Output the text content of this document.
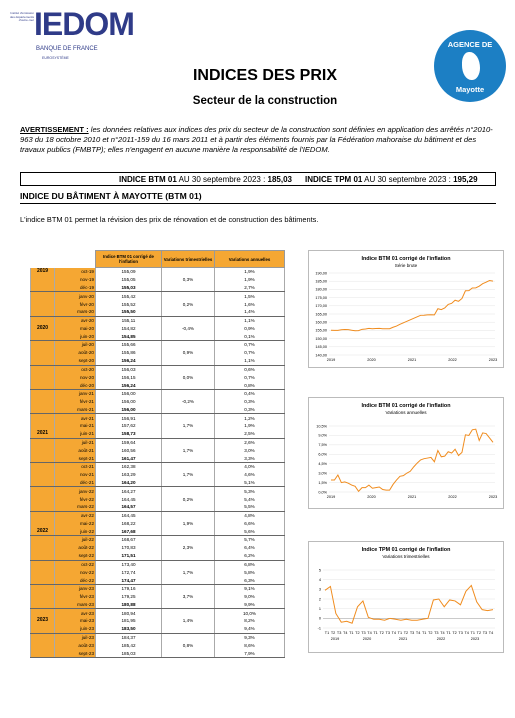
Institut d'émission des départements d'outre-mer IEDOM
BANQUE DE FRANCE
EUROSYSTÈME
INDICES DES PRIX
Secteur de la construction
AGENCE DE
Mayotte
AVERTISSEMENT : les données relatives aux indices des prix du secteur de la construction sont définies en application des arrêtés n°2010-963 du 18 octobre 2010 et n°2011-159 du 16 mars 2011 et à partir des éléments fournis par la Fédération mahoraise du bâtiment et des travaux publics (FMBTP); elles n'engagent en aucune manière la responsabilité de l'IEDOM.
INDICE BTM 01 AU 30 septembre 2023 : 185,03 INDICE TPM 01 AU 30 septembre 2023 : 195,29
INDICE DU BÂTIMENT À MAYOTTE (BTM 01)
L'indice BTM 01 permet la révision des prix de rénovation et de construction des bâtiments.
		Indice BTM 01 corrigé de l'inflation	Variations trimestrielles	Variations annuelles
2019	oct-19	155,09		1,9%
	nov-19	155,05	0,3%	1,9%
	déc-19	155,03		2,7%
	janv-20	155,42		1,5%
	févr-20	155,52	0,2%	1,6%
	mars-20	155,50		1,4%
	avr-20	155,11		1,1%
2020	mai-20	154,82	-0,4%	0,9%
	juin-20	154,85		0,1%
	juil-20	155,66		0,7%
	août-20	155,86	0,9%	0,7%
	sept-20	156,24		1,1%
	oct-20	156,03		0,6%
	nov-20	156,15	0,0%	0,7%
	déc-20	156,24		0,8%
	janv-21	156,00		0,4%
	févr-21	156,00	-0,2%	0,3%
	mars-21	156,00		0,3%
	avr-21	156,91		1,2%
	mai-21	157,62	1,7%	1,9%
2021	juin-21	158,73		2,5%
	juil-21	159,64		2,6%
	août-21	160,56	1,7%	3,0%
	sept-21	161,47		3,3%
	oct-21	162,38		4,0%
	nov-21	163,29	1,7%	4,6%
	déc-21	164,20		5,1%
	janv-22	164,27		5,3%
	févr-22	164,45	0,2%	5,4%
	mars-22	164,57		5,5%
	avr-22	164,45		4,8%
	mai-22	168,22	1,9%	6,6%
2022	juin-22	167,68		5,6%
	juil-22	168,67		5,7%
	août-22	170,83	2,3%	6,4%
	sept-22	171,51		6,2%
	oct-22	173,40		6,8%
	nov-22	172,74	1,7%	5,8%
	déc-22	174,47		6,3%
	janv-23	179,16		9,1%
	févr-23	179,25	3,7%	9,0%
	mars-23	180,88		9,9%
	avr-23	180,94		10,0%
2023	mai-23	181,95	1,4%	8,2%
	juin-23	183,50		9,4%
	juil-23	184,37		9,3%
	août-23	185,42	0,8%	8,6%
	sept-23	185,03		7,9%
Indice BTM 01 corrigé de l'inflation
Série brute
190,00
185,00
180,00
175,00
170,00
165,00
160,00
155,00
150,00
145,00
140,00
2019	2020	2021	2022	2023
Indice BTM 01 corrigé de l'inflation
Variations annuelles
10,5%
9,0%
7,5%
6,0%
4,5%
3,0%
1,5%
0,0%
2019	2020	2021	2022	2023
Indice TPM 01 corrigé de l'inflation
Variations trimestrielles
5
4
3
2
1
0
-1
T1 T2 T3 T4 T1 T2 T3 T4 T1 T2 T3 T4 T1 T2 T3 T4 T1 T2 T3 T4 T1 T2 T3 T4 T1 T2 T3 T4
2019	2020	2021	2022	2023
